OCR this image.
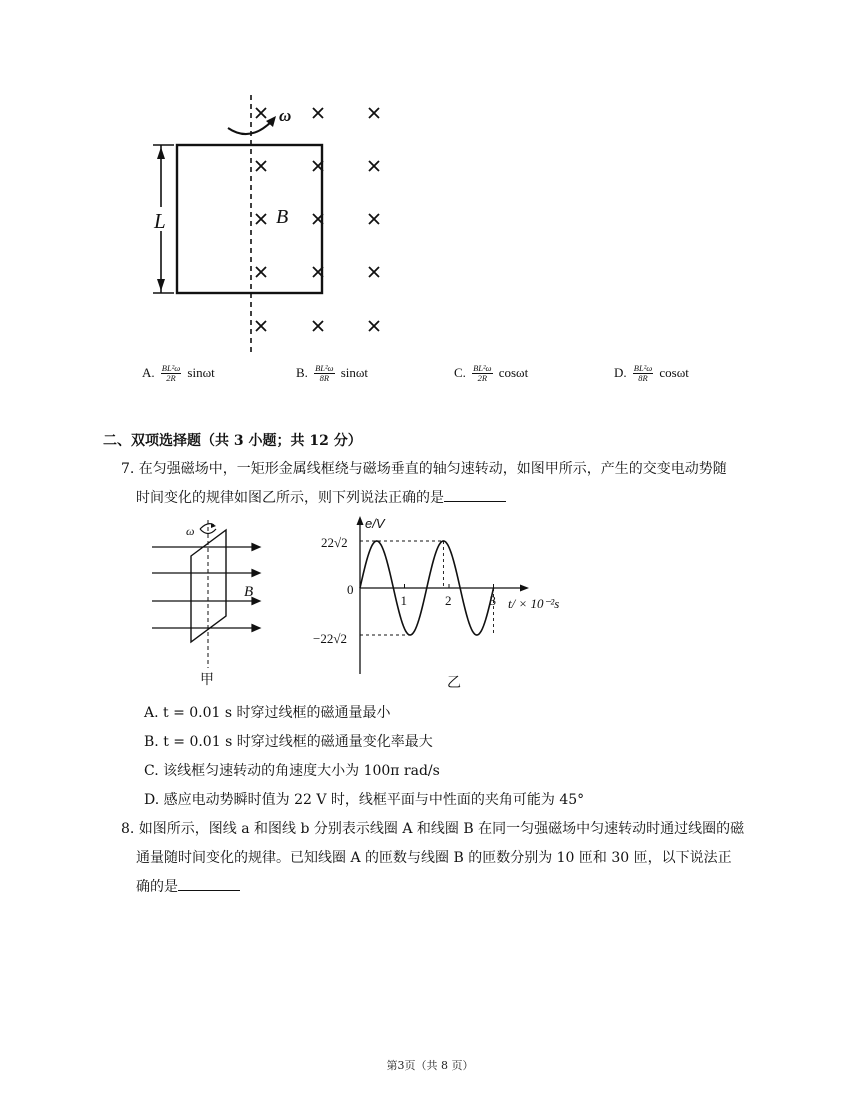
L
ω
B
A. $\frac{\text{BL²ω}}{2R}$ sinωt	B. $\frac{\text{BL²ω}}{8R}$ sinωt	C. $\frac{\text{BL²ω}}{2R}$ cosωt	D. $\frac{\text{BL²ω}}{8R}$ cosωt
二、双项选择题（共 3 小题；共 12 分）
7. 在匀强磁场中，一矩形金属线框绕与磁场垂直的轴匀速转动，如图甲所示，产生的交变电动势随
时间变化的规律如图乙所示，则下列说法正确的是
ω
B
甲
e/V
22√2
−22√2
0
1	2	3 t/ × 10⁻²s
乙
A. t = 0.01 s 时穿过线框的磁通量最小
B. t = 0.01 s 时穿过线框的磁通量变化率最大
C. 该线框匀速转动的角速度大小为 100π rad/s
D. 感应电动势瞬时值为 22 V 时，线框平面与中性面的夹角可能为 45°
8. 如图所示，图线 a 和图线 b 分别表示线圈 A 和线圈 B 在同一匀强磁场中匀速转动时通过线圈的磁
通量随时间变化的规律。已知线圈 A 的匝数与线圈 B 的匝数分别为 10 匝和 30 匝，以下说法正
确的是
第3页（共 8 页）
